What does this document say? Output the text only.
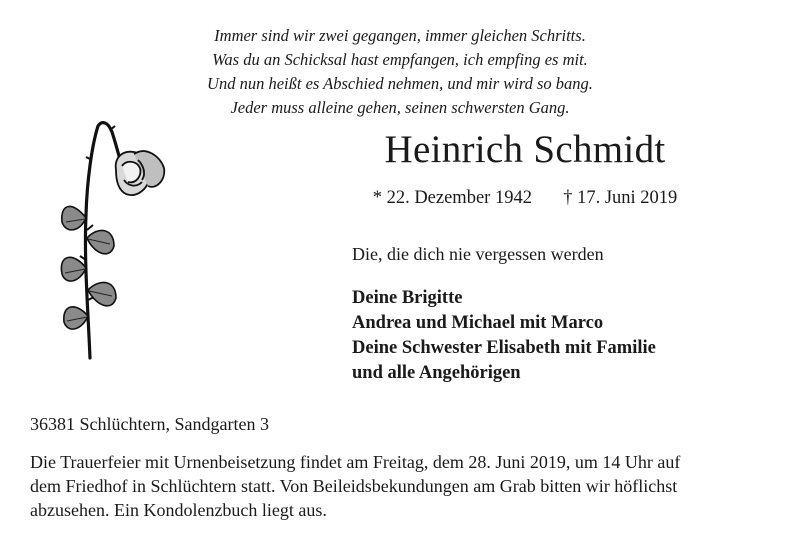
Immer sind wir zwei gegangen, immer gleichen Schritts.
Was du an Schicksal hast empfangen, ich empfing es mit.
Und nun heißt es Abschied nehmen, und mir wird so bang.
Jeder muss alleine gehen, seinen schwersten Gang.
Heinrich Schmidt
* 22. Dezember 1942 † 17. Juni 2019
Die, die dich nie vergessen werden
Deine Brigitte
Andrea und Michael mit Marco
Deine Schwester Elisabeth mit Familie
und alle Angehörigen
36381 Schlüchtern, Sandgarten 3
Die Trauerfeier mit Urnenbeisetzung findet am Freitag, dem 28. Juni 2019, um 14 Uhr auf
dem Friedhof in Schlüchtern statt. Von Beileidsbekundungen am Grab bitten wir höflichst
abzusehen. Ein Kondolenzbuch liegt aus.
